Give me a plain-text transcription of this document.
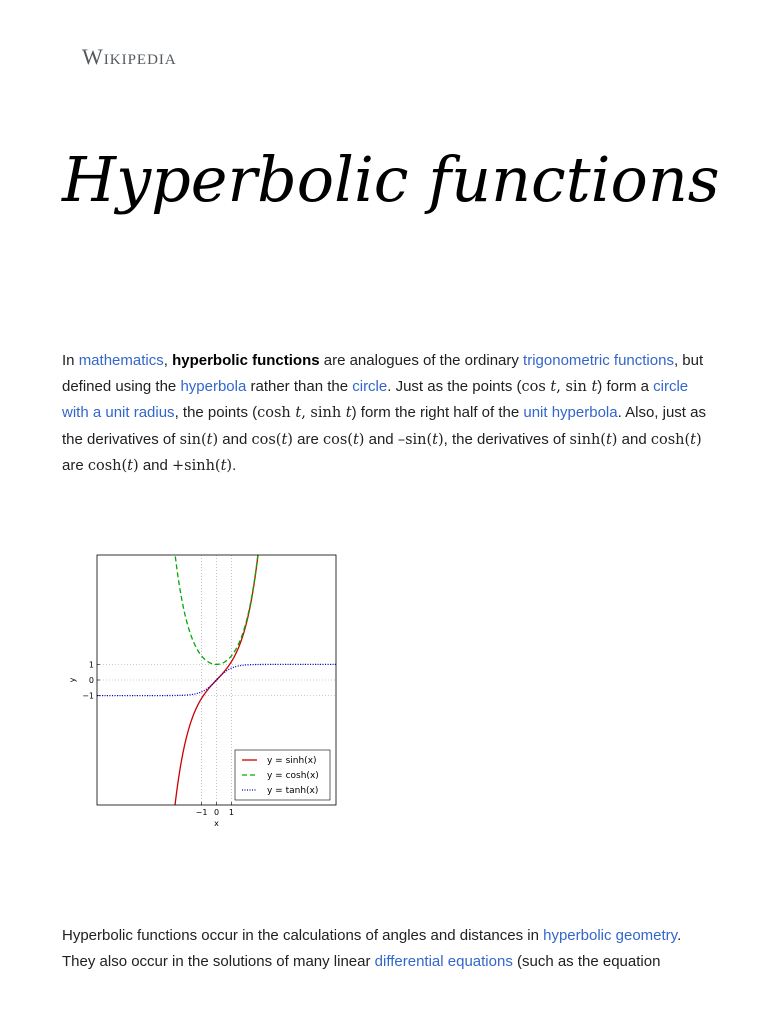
Wikipedia
Hyperbolic functions
In mathematics, hyperbolic functions are analogues of the ordinary trigonometric functions, but defined using the hyperbola rather than the circle. Just as the points (cos t, sin t) form a circle with a unit radius, the points (cosh t, sinh t) form the right half of the unit hyperbola. Also, just as the derivatives of sin(t) and cos(t) are cos(t) and –sin(t), the derivatives of sinh(t) and cosh(t) are cosh(t) and +sinh(t).
−1 0 1
1
0
−1
x
y
y = sinh(x)
y = cosh(x)
y = tanh(x)
Hyperbolic functions occur in the calculations of angles and distances in hyperbolic geometry. They also occur in the solutions of many linear differential equations (such as the equation
